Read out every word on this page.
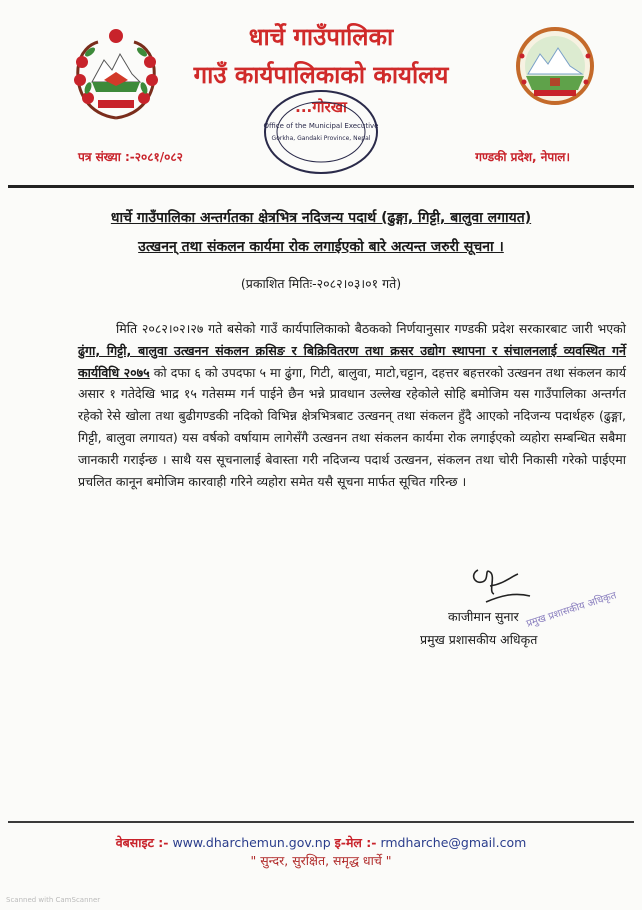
धार्चे गाउँपालिका
गाउँ कार्यपालिकाको कार्यालय
...गोरखा
Office of the Municipal Executive
Gorkha, Gandaki Province, Nepal
पत्र संख्या :-२०८१/०८२	गण्डकी प्रदेश, नेपाल।
धार्चे गाउँपालिका अन्तर्गतका क्षेत्रभित्र नदिजन्य पदार्थ (ढुङ्गा, गिट्टी, बालुवा लगायत)
उत्खनन् तथा संकलन कार्यमा रोक लगाईएको बारे अत्यन्त जरुरी सूचना ।
(प्रकाशित मितिः-२०८२।०३।०१ गते)
मिति २०८२।०२।२७ गते बसेको गाउँ कार्यपालिकाको बैठकको निर्णयानुसार गण्डकी प्रदेश सरकारबाट जारी भएको ढुंगा, गिट्टी, बालुवा उत्खनन संकलन क्रसिङ र बिक्रिवितरण तथा क्रसर उद्योग स्थापना र संचालनलाई व्यवस्थित गर्ने कार्यविधि २०७५ को दफा ६ को उपदफा ५ मा ढुंगा, गिटी, बालुवा, माटो,चट्टान, दहत्तर बहत्तरको उत्खनन तथा संकलन कार्य असार १ गतेदेखि भाद्र १५ गतेसम्म गर्न पाईने छैन भन्ने प्रावधान उल्लेख रहेकोले सोहि बमोजिम यस गाउँपालिका अन्तर्गत रहेको रेसे खोला तथा बुढीगण्डकी नदिको विभिन्न क्षेत्रभित्रबाट उत्खनन् तथा संकलन हुँदै आएको नदिजन्य पदार्थहरु (ढुङ्गा, गिट्टी, बालुवा लगायत) यस वर्षको वर्षायाम लागेसँगै उत्खनन तथा संकलन कार्यमा रोक लगाईएको व्यहोरा सम्बन्धित सबैमा जानकारी गराईन्छ । साथै यस सूचनालाई बेवास्ता गरी नदिजन्य पदार्थ उत्खनन, संकलन तथा चोरी निकासी गरेको पाईएमा प्रचलित कानून बमोजिम कारवाही गरिने व्यहोरा समेत यसै सूचना मार्फत सूचित गरिन्छ ।
प्रमुख प्रशासकीय अधिकृत
काजीमान सुनार
प्रमुख प्रशासकीय अधिकृत
वेबसाइट :- www.dharchemun.gov.np इ-मेल :- rmdharche@gmail.com
" सुन्दर, सुरक्षित, समृद्ध धार्चे "
Scanned with CamScanner
